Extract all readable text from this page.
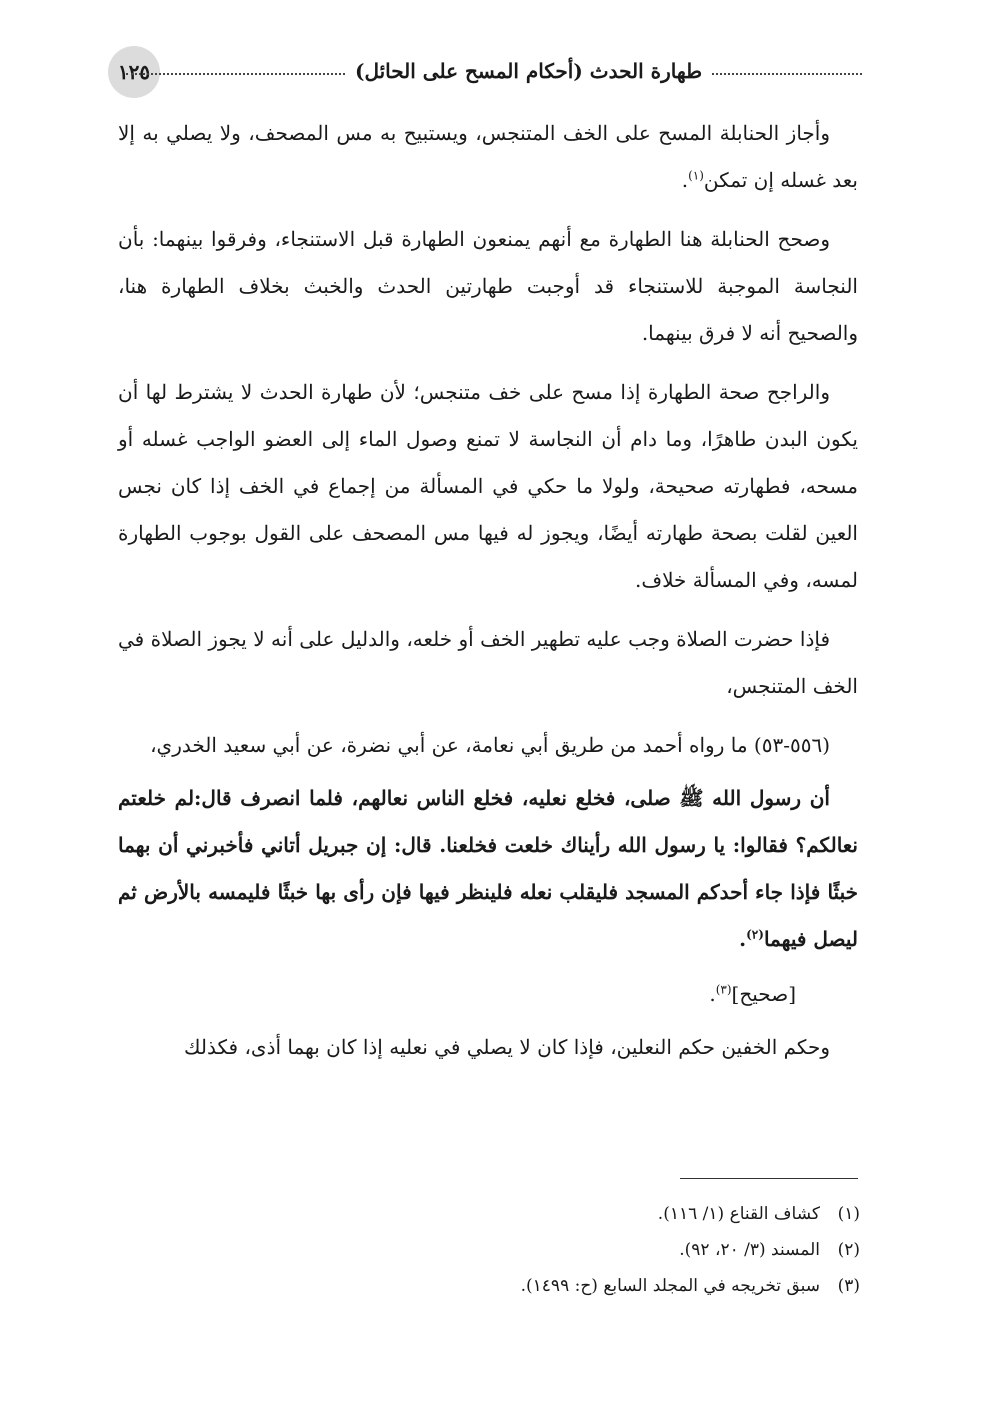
١٢٥	طهارة الحدث (أحكام المسح على الحائل)

وأجاز الحنابلة المسح على الخف المتنجس، ويستبيح به مس المصحف، ولا يصلي به إلا بعد غسله إن تمكن$^{(١)}$.

وصحح الحنابلة هنا الطهارة مع أنهم يمنعون الطهارة قبل الاستنجاء، وفرقوا بينهما: بأن النجاسة الموجبة للاستنجاء قد أوجبت طهارتين الحدث والخبث بخلاف الطهارة هنا، والصحيح أنه لا فرق بينهما.

والراجح صحة الطهارة إذا مسح على خف متنجس؛ لأن طهارة الحدث لا يشترط لها أن يكون البدن طاهرًا، وما دام أن النجاسة لا تمنع وصول الماء إلى العضو الواجب غسله أو مسحه، فطهارته صحيحة، ولولا ما حكي في المسألة من إجماع في الخف إذا كان نجس العين لقلت بصحة طهارته أيضًا، ويجوز له فيها مس المصحف على القول بوجوب الطهارة لمسه، وفي المسألة خلاف.

فإذا حضرت الصلاة وجب عليه تطهير الخف أو خلعه، والدليل على أنه لا يجوز الصلاة في الخف المتنجس،

(٥٥٦-٥٣) ما رواه أحمد من طريق أبي نعامة، عن أبي نضرة، عن أبي سعيد الخدري،

أن رسول الله ﷺ صلى، فخلع نعليه، فخلع الناس نعالهم، فلما انصرف قال:لم خلعتم نعالكم؟ فقالوا: يا رسول الله رأيناك خلعت فخلعنا. قال: إن جبريل أتاني فأخبرني أن بهما خبثًا فإذا جاء أحدكم المسجد فليقلب نعله فلينظر فيها فإن رأى بها خبثًا فليمسه بالأرض ثم ليصل فيهما$^{(٢)}$.

[صحيح]$^{(٣)}$.

وحكم الخفين حكم النعلين، فإذا كان لا يصلي في نعليه إذا كان بهما أذى، فكذلك

(١)
كشاف القناع (١/ ١١٦).
(٢)
المسند (٣/ ٢٠، ٩٢).
(٣)
سبق تخريجه في المجلد السابع (ح: ١٤٩٩).
